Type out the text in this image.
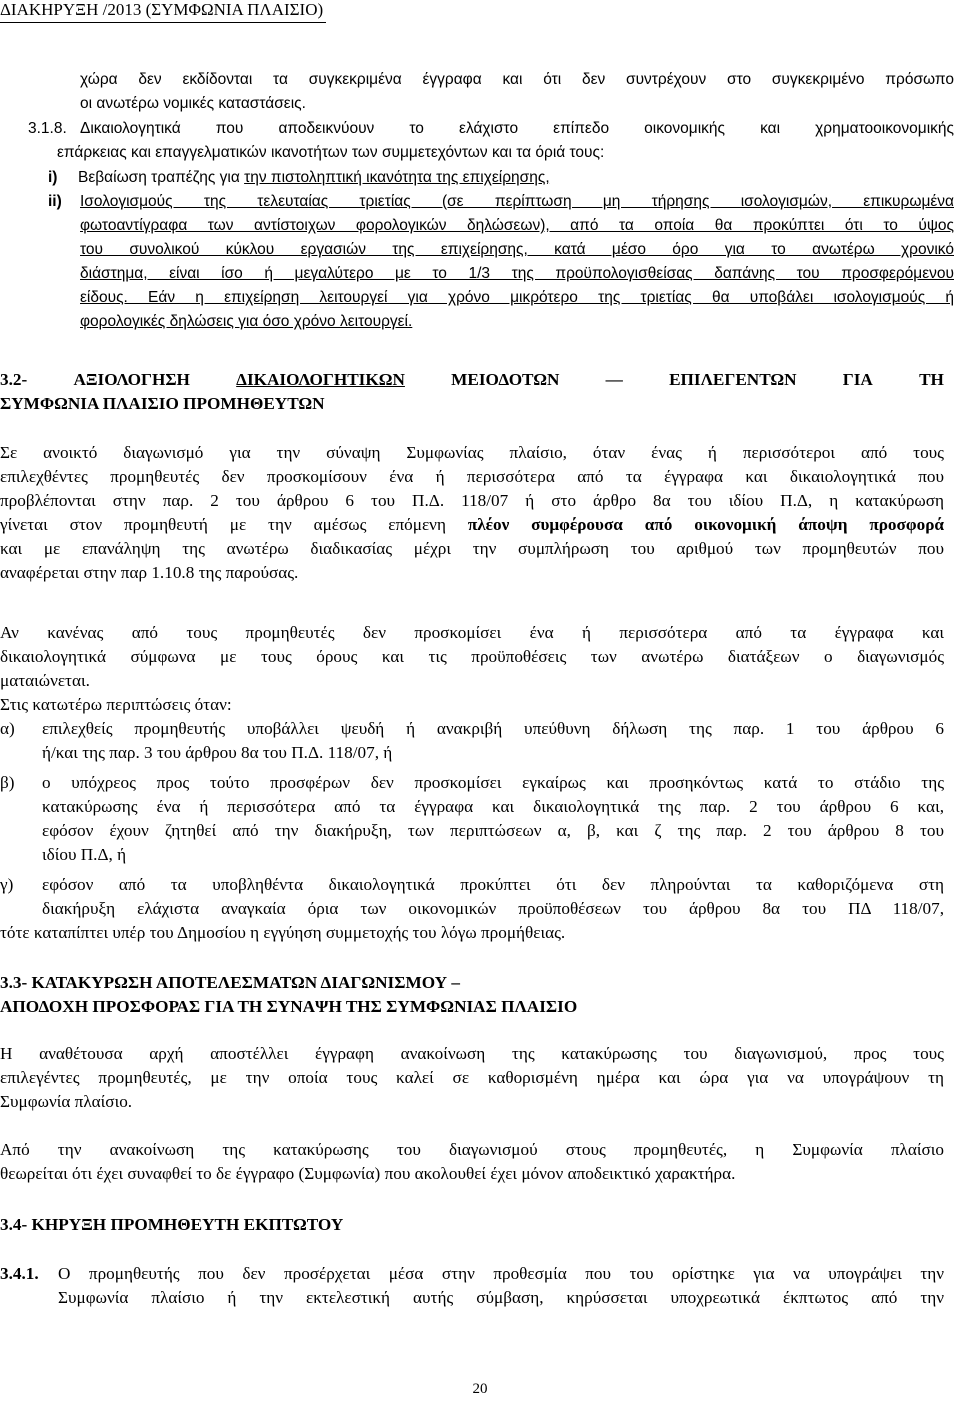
ΔΙΑΚΗΡΥΞΗ /2013 (ΣΥΜΦΩΝΙΑ ΠΛΑΙΣΙΟ)
χώρα δεν εκδίδονται τα συγκεκριμένα έγγραφα και ότι δεν συντρέχουν στο συγκεκριμένο πρόσωπο
οι ανωτέρω νομικές καταστάσεις.
3.1.8. Δικαιολογητικά που αποδεικνύουν το ελάχιστο επίπεδο οικονομικής και χρηματοοικονομικής
επάρκειας και επαγγελματικών ικανοτήτων των συμμετεχόντων και τα όριά τους:
i)	Βεβαίωση τραπέζης για την πιστοληπτική ικανότητα της επιχείρησης,
ii)	Ισολογισμούς της τελευταίας τριετίας (σε περίπτωση μη τήρησης ισολογισμών, επικυρωμένα
φωτοαντίγραφα των αντίστοιχων φορολογικών δηλώσεων), από τα οποία θα προκύπτει ότι το ύψος
του συνολικού κύκλου εργασιών της επιχείρησης, κατά μέσο όρο για το ανωτέρω χρονικό
διάστημα, είναι ίσο ή μεγαλύτερο με το 1/3 της προϋπολογισθείσας δαπάνης του προσφερόμενου
είδους. Εάν η επιχείρηση λειτουργεί για χρόνο μικρότερο της τριετίας θα υποβάλει ισολογισμούς ή
φορολογικές δηλώσεις για όσο χρόνο λειτουργεί.
3.2-	ΑΞΙΟΛΟΓΗΣΗ	ΔΙΚΑΙΟΛΟΓΗΤΙΚΩΝ	ΜΕΙΟΔΟΤΩΝ	—	ΕΠΙΛΕΓΕΝΤΩΝ	ΓΙΑ	ΤΗ
ΣΥΜΦΩΝΙΑ ΠΛΑΙΣΙΟ ΠΡΟΜΗΘΕΥΤΩΝ
Σε ανοικτό διαγωνισμό για την σύναψη Συμφωνίας πλαίσιο, όταν ένας ή περισσότεροι από τους
επιλεχθέντες προμηθευτές δεν προσκομίσουν ένα ή περισσότερα από τα έγγραφα και δικαιολογητικά που
προβλέπονται στην παρ. 2 του άρθρου 6 του Π.Δ. 118/07 ή στο άρθρο 8α του ιδίου Π.Δ, η κατακύρωση
γίνεται στον προμηθευτή με την αμέσως επόμενη πλέον συμφέρουσα από οικονομική άποψη προσφορά
και με επανάληψη της ανωτέρω διαδικασίας μέχρι την συμπλήρωση του αριθμού των προμηθευτών που
αναφέρεται στην παρ 1.10.8 της παρούσας.
Αν κανένας από τους προμηθευτές δεν προσκομίσει ένα ή περισσότερα από τα έγγραφα και
δικαιολογητικά σύμφωνα με τους όρους και τις προϋποθέσεις των ανωτέρω διατάξεων ο διαγωνισμός
ματαιώνεται.
Στις κατωτέρω περιπτώσεις όταν:
α)	επιλεχθείς προμηθευτής υποβάλλει ψευδή ή ανακριβή υπεύθυνη δήλωση της παρ. 1 του άρθρου 6
ή/και της παρ. 3 του άρθρου 8α του Π.Δ. 118/07, ή
β)	ο υπόχρεος προς τούτο προσφέρων δεν προσκομίσει εγκαίρως και προσηκόντως κατά το στάδιο της
κατακύρωσης ένα ή περισσότερα από τα έγγραφα και δικαιολογητικά της παρ. 2 του άρθρου 6 και,
εφόσον έχουν ζητηθεί από την διακήρυξη, των περιπτώσεων α, β, και ζ της παρ. 2 του άρθρου 8 του
ιδίου Π.Δ, ή
γ)	εφόσον από τα υποβληθέντα δικαιολογητικά προκύπτει ότι δεν πληρούνται τα καθοριζόμενα στη
διακήρυξη ελάχιστα αναγκαία όρια των οικονομικών προϋποθέσεων του άρθρου 8α του ΠΔ 118/07,
τότε καταπίπτει υπέρ του Δημοσίου η εγγύηση συμμετοχής του λόγω προμήθειας.
3.3- ΚΑΤΑΚΥΡΩΣΗ ΑΠΟΤΕΛΕΣΜΑΤΩΝ ΔΙΑΓΩΝΙΣΜΟΥ –
ΑΠΟΔΟΧΗ ΠΡΟΣΦΟΡΑΣ ΓΙΑ ΤΗ ΣΥΝΑΨΗ ΤΗΣ ΣΥΜΦΩΝΙΑΣ ΠΛΑΙΣΙΟ
Η αναθέτουσα αρχή αποστέλλει έγγραφη ανακοίνωση της κατακύρωσης του διαγωνισμού, προς τους
επιλεγέντες προμηθευτές, με την οποία τους καλεί σε καθορισμένη ημέρα και ώρα για να υπογράψουν τη
Συμφωνία πλαίσιο.
Από την ανακοίνωση της κατακύρωσης του διαγωνισμού στους προμηθευτές, η Συμφωνία πλαίσιο
θεωρείται ότι έχει συναφθεί το δε έγγραφο (Συμφωνία) που ακολουθεί έχει μόνον αποδεικτικό χαρακτήρα.
3.4- ΚΗΡΥΞΗ ΠΡΟΜΗΘΕΥΤΗ ΕΚΠΤΩΤΟΥ
3.4.1.	Ο προμηθευτής που δεν προσέρχεται μέσα στην προθεσμία που του ορίστηκε για να υπογράψει την
Συμφωνία πλαίσιο ή την εκτελεστική αυτής σύμβαση, κηρύσσεται υποχρεωτικά έκπτωτος από την
20
